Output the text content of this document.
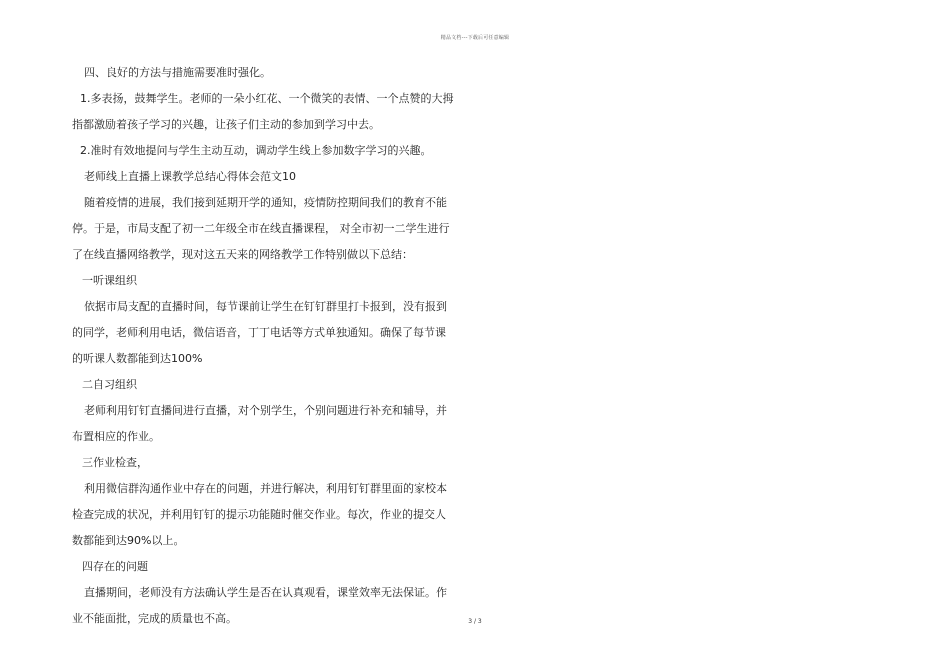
精品文档---下载后可任意编辑
四、良好的方法与措施需要准时强化。
1.多表扬，鼓舞学生。老师的一朵小红花、一个微笑的表情、一个点赞的大拇
指都激励着孩子学习的兴趣，让孩子们主动的参加到学习中去。
2.准时有效地提问与学生主动互动，调动学生线上参加数字学习的兴趣。
老师线上直播上课教学总结心得体会范文10
随着疫情的进展，我们接到延期开学的通知，疫情防控期间我们的教育不能
停。于是，市局支配了初一二年级全市在线直播课程， 对全市初一二学生进行
了在线直播网络教学，现对这五天来的网络教学工作特别做以下总结：
一听课组织
依据市局支配的直播时间，每节课前让学生在钉钉群里打卡报到，没有报到
的同学，老师利用电话，微信语音，丁丁电话等方式单独通知。确保了每节课
的听课人数都能到达100%
二自习组织
老师利用钉钉直播间进行直播，对个别学生，个别问题进行补充和辅导，并
布置相应的作业。
三作业检查，
利用微信群沟通作业中存在的问题，并进行解决，利用钉钉群里面的家校本
检查完成的状况，并利用钉钉的提示功能随时催交作业。每次，作业的提交人
数都能到达90%以上。
四存在的问题
直播期间，老师没有方法确认学生是否在认真观看，课堂效率无法保证。作
业不能面批，完成的质量也不高。	3 / 3
